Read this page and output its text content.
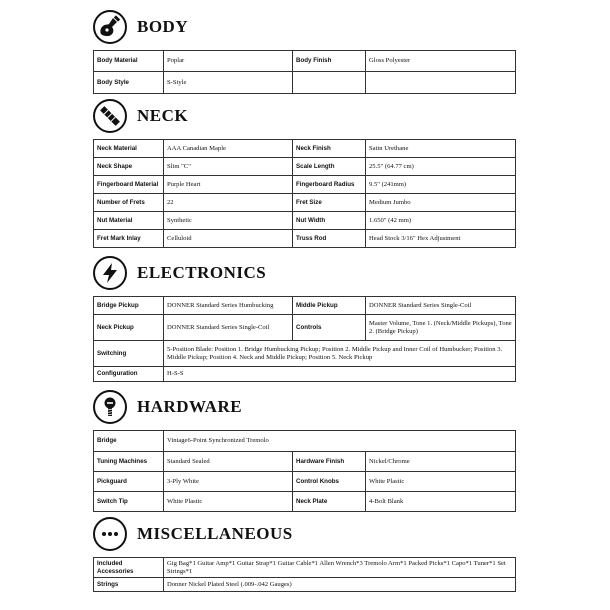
BODY
Body Material	Poplar	Body Finish	Gloss Polyester
Body Style	S-Style		
NECK
Neck Material	AAA Canadian Maple	Neck Finish	Satin Urethane
Neck Shape	Slim "C"	Scale Length	25.5" (64.77 cm)
Fingerboard Material	Purple Heart	Fingerboard Radius	9.5" (241mm)
Number of Frets	22	Fret Size	Medium Jumbo
Nut Material	Synthetic	Nut Width	1.650" (42 mm)
Fret Mark Inlay	Celluloid	Truss Rod	Head Stock 3/16" Hex Adjustment
ELECTRONICS
Bridge Pickup	DONNER Standard Series Humbucking	Middle Pickup	DONNER Standard Series Single-Coil
Neck Pickup	DONNER Standard Series Single-Coil	Controls	Master Volume, Tone 1. (Neck/Middle Pickups), Tone 2. (Bridge Pickup)
Switching	5-Position Blade: Position 1. Bridge Humbucking Pickup; Position 2. Middle Pickup and Inner Coil of Humbucker; Position 3. Middle Pickup; Position 4. Neck and Middle Pickup; Position 5. Neck Pickup		
Configuration	H-S-S		
HARDWARE
Bridge	Vintage6-Point Synchronized Tremolo		
Tuning Machines	Standard Sealed	Hardware Finish	Nickel/Chrome
Pickguard	3-Ply White	Control Knobs	White Plastic
Switch Tip	White Plastic	Neck Plate	4-Bolt Blank
MISCELLANEOUS
Included Accessories	Gig Bag*1 Guitar Amp*1 Guitar Strap*1 Guitar Cable*1 Allen Wrench*3 Tremolo Arm*1 Packed Picks*1 Capo*1 Tuner*1 Set Strings*1
Strings	Donner Nickel Plated Steel (.009-.042 Gauges)
